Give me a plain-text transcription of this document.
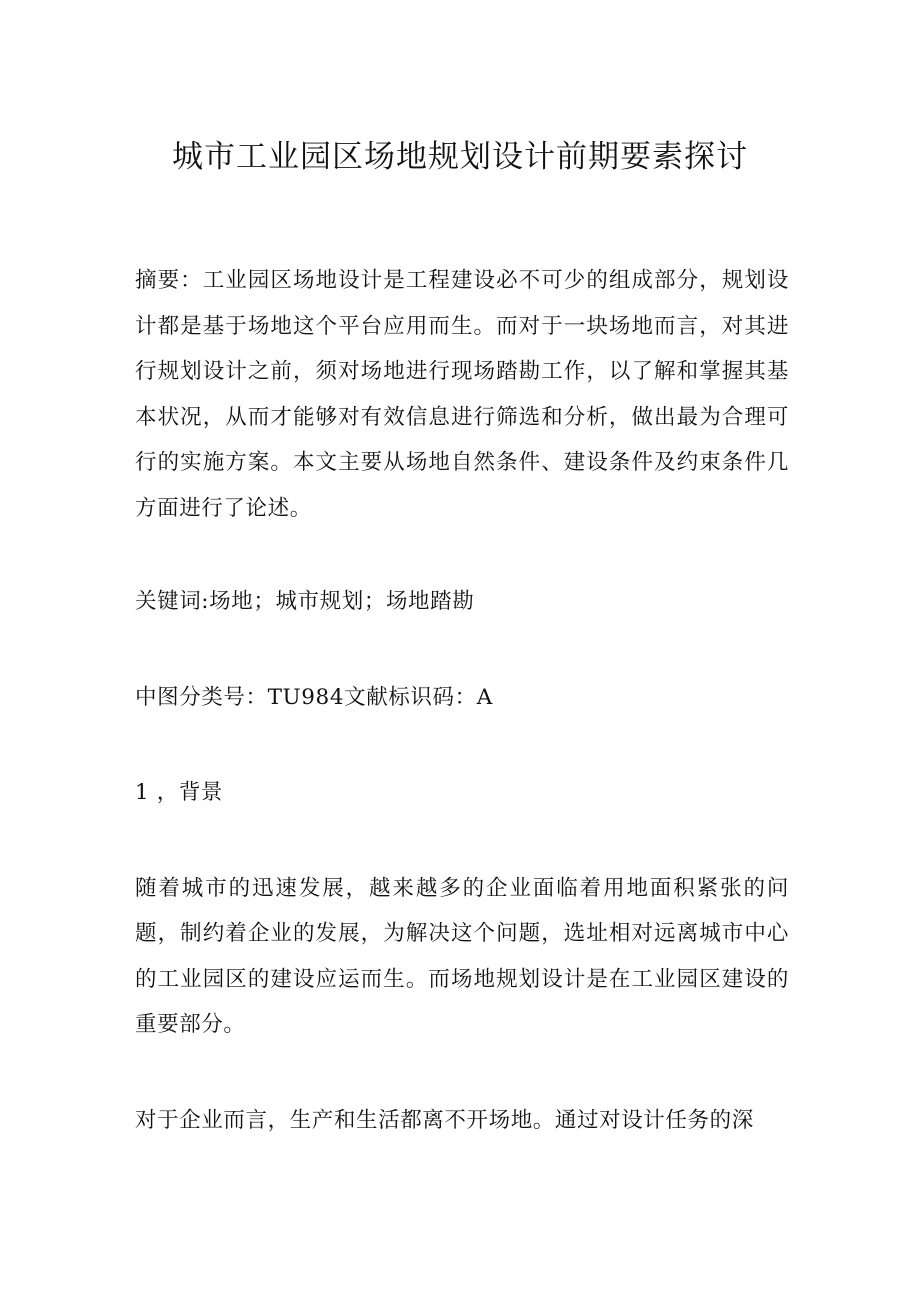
城市工业园区场地规划设计前期要素探讨

摘要：工业园区场地设计是工程建设必不可少的组成部分，规划设计都是基于场地这个平台应用而生。而对于一块场地而言，对其进行规划设计之前，须对场地进行现场踏勘工作，以了解和掌握其基本状况，从而才能够对有效信息进行筛选和分析，做出最为合理可行的实施方案。本文主要从场地自然条件、建设条件及约束条件几方面进行了论述。

关键词:场地；城市规划；场地踏勘

中图分类号：TU984文献标识码：A

1 ，背景

随着城市的迅速发展，越来越多的企业面临着用地面积紧张的问题，制约着企业的发展，为解决这个问题，选址相对远离城市中心的工业园区的建设应运而生。而场地规划设计是在工业园区建设的重要部分。

对于企业而言，生产和生活都离不开场地。通过对设计任务的深
